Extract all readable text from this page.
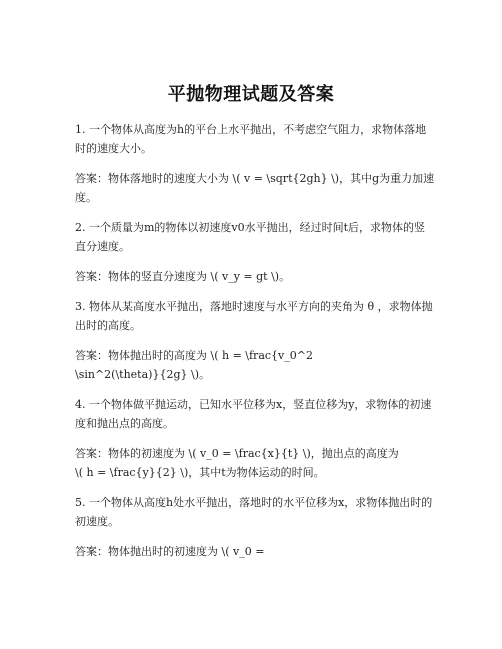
平抛物理试题及答案

1. 一个物体从高度为h的平台上水平抛出，不考虑空气阻力，求物体落地时的速度大小。

答案：物体落地时的速度大小为 \( v = \sqrt{2gh} \)，其中g为重力加速度。

2. 一个质量为m的物体以初速度v0水平抛出，经过时间t后，求物体的竖直分速度。

答案：物体的竖直分速度为 \( v_y = gt \)。

3. 物体从某高度水平抛出，落地时速度与水平方向的夹角为 θ ，求物体抛出时的高度。

答案：物体抛出时的高度为 \( h = \frac{v_0^2
\sin^2(\theta)}{2g} \)。

4. 一个物体做平抛运动，已知水平位移为x，竖直位移为y，求物体的初速度和抛出点的高度。

答案：物体的初速度为 \( v_0 = \frac{x}{t} \)，抛出点的高度为
\( h = \frac{y}{2} \)，其中t为物体运动的时间。

5. 一个物体从高度h处水平抛出，落地时的水平位移为x，求物体抛出时的初速度。

答案：物体抛出时的初速度为 \( v_0 =
